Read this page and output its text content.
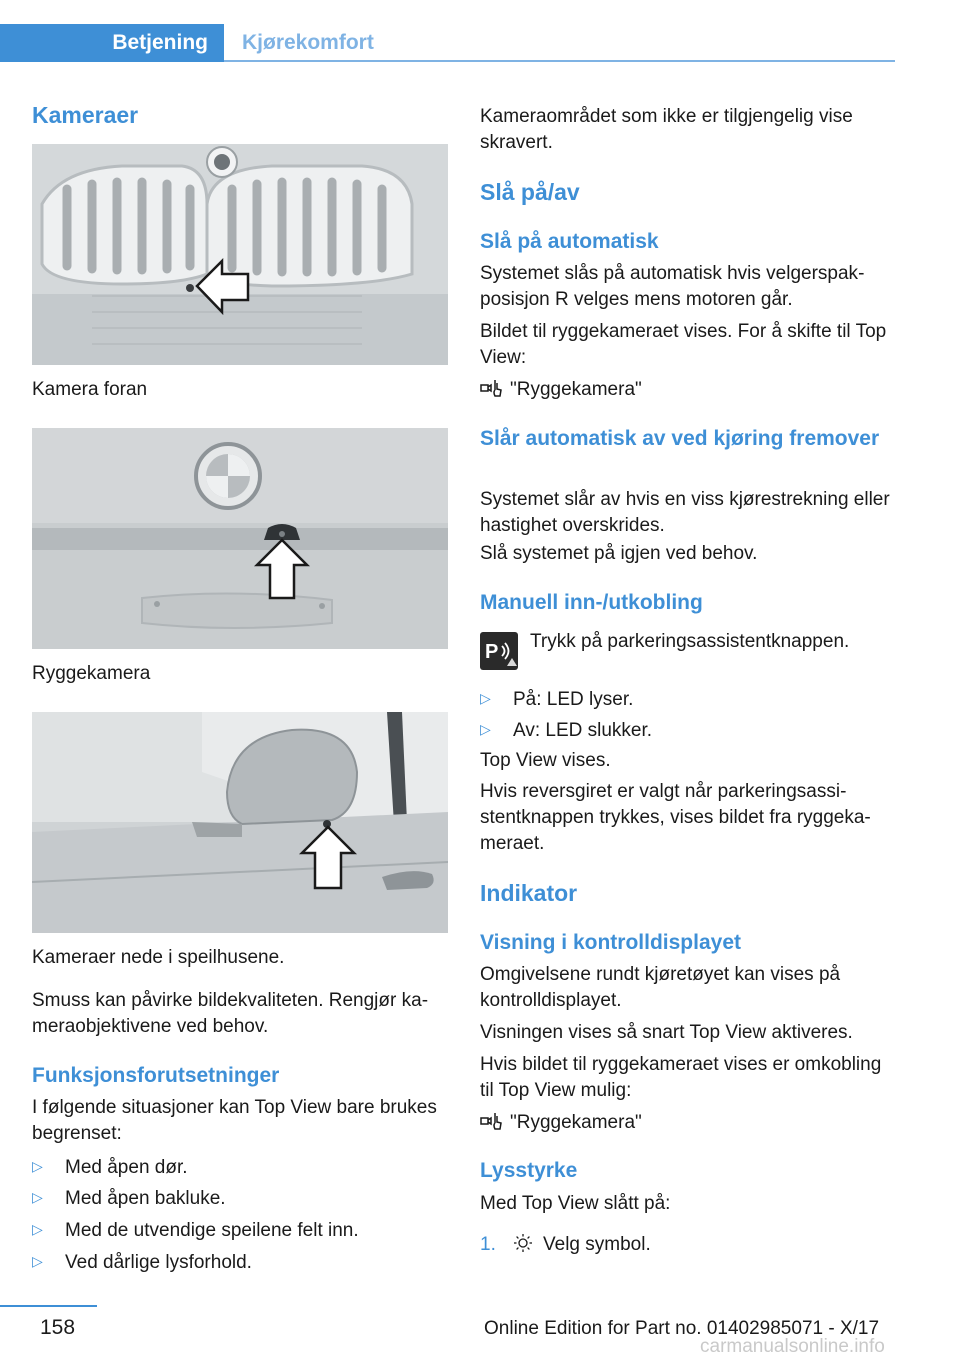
Betjening	Kjørekomfort
Kameraer
Kamera foran
Ryggekamera
Kameraer nede i speilhusene.
Smuss kan påvirke bildekvaliteten. Rengjør kameraobjektivene ved behov.
Funksjonsforutsetninger
I følgende situasjoner kan Top View bare brukes begrenset:
▷ Med åpen dør.
▷ Med åpen bakluke.
▷ Med de utvendige speilene felt inn.
▷ Ved dårlige lysforhold.
Kameraområdet som ikke er tilgjengelig vise skravert.
Slå på/av
Slå på automatisk
Systemet slås på automatisk hvis velgerspakposisjon R velges mens motoren går.
Bildet til ryggekameraet vises. For å skifte til Top View:
"Ryggekamera"
Slår automatisk av ved kjøring fremover
Systemet slår av hvis en viss kjørestrekning eller hastighet overskrides.
Slå systemet på igjen ved behov.
Manuell inn-/utkobling
P Trykk på parkeringsassistentknappen.
▷ På: LED lyser.
▷ Av: LED slukker.
Top View vises.
Hvis reversgiret er valgt når parkeringsassistentknappen trykkes, vises bildet fra ryggekameraet.
Indikator
Visning i kontrolldisplayet
Omgivelsene rundt kjøretøyet kan vises på kontrolldisplayet.
Visningen vises så snart Top View aktiveres.
Hvis bildet til ryggekameraet vises er omkobling til Top View mulig:
"Ryggekamera"
Lysstyrke
Med Top View slått på:
1. Velg symbol.
158	Online Edition for Part no. 01402985071 - X/17
carmanualsonline.info
